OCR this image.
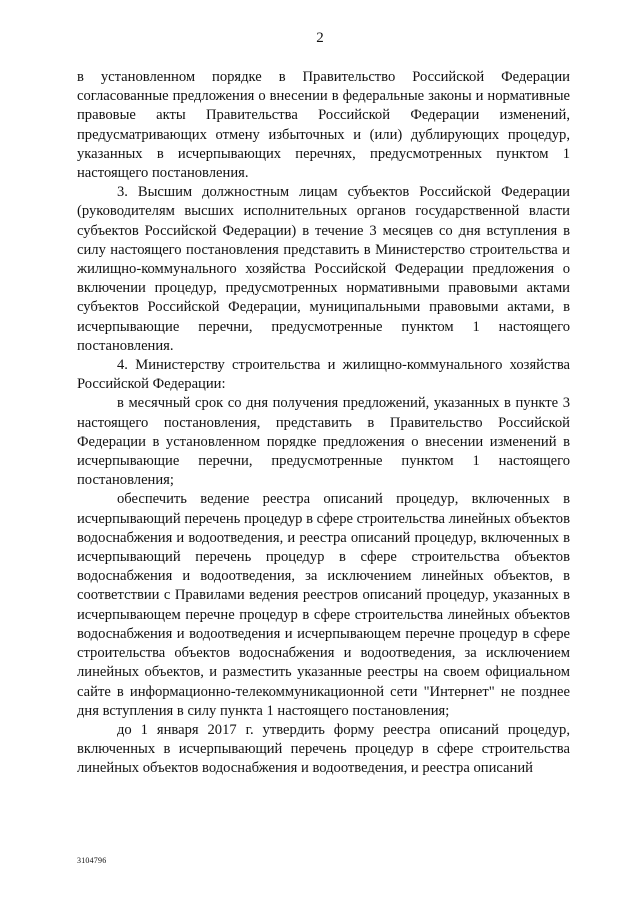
2

в установленном порядке в Правительство Российской Федерации согласованные предложения о внесении в федеральные законы и нормативные правовые акты Правительства Российской Федерации изменений, предусматривающих отмену избыточных и (или) дублирующих процедур, указанных в исчерпывающих перечнях, предусмотренных пунктом 1 настоящего постановления.

3. Высшим должностным лицам субъектов Российской Федерации (руководителям высших исполнительных органов государственной власти субъектов Российской Федерации) в течение 3 месяцев со дня вступления в силу настоящего постановления представить в Министерство строительства и жилищно-коммунального хозяйства Российской Федерации предложения о включении процедур, предусмотренных нормативными правовыми актами субъектов Российской Федерации, муниципальными правовыми актами, в исчерпывающие перечни, предусмотренные пунктом 1 настоящего постановления.

4. Министерству строительства и жилищно-коммунального хозяйства Российской Федерации:

в месячный срок со дня получения предложений, указанных в пункте 3 настоящего постановления, представить в Правительство Российской Федерации в установленном порядке предложения о внесении изменений в исчерпывающие перечни, предусмотренные пунктом 1 настоящего постановления;

обеспечить ведение реестра описаний процедур, включенных в исчерпывающий перечень процедур в сфере строительства линейных объектов водоснабжения и водоотведения, и реестра описаний процедур, включенных в исчерпывающий перечень процедур в сфере строительства объектов водоснабжения и водоотведения, за исключением линейных объектов, в соответствии с Правилами ведения реестров описаний процедур, указанных в исчерпывающем перечне процедур в сфере строительства линейных объектов водоснабжения и водоотведения и исчерпывающем перечне процедур в сфере строительства объектов водоснабжения и водоотведения, за исключением линейных объектов, и разместить указанные реестры на своем официальном сайте в информационно-телекоммуникационной сети "Интернет" не позднее дня вступления в силу пункта 1 настоящего постановления;

до 1 января 2017 г. утвердить форму реестра описаний процедур, включенных в исчерпывающий перечень процедур в сфере строительства линейных объектов водоснабжения и водоотведения, и реестра описаний

3104796
